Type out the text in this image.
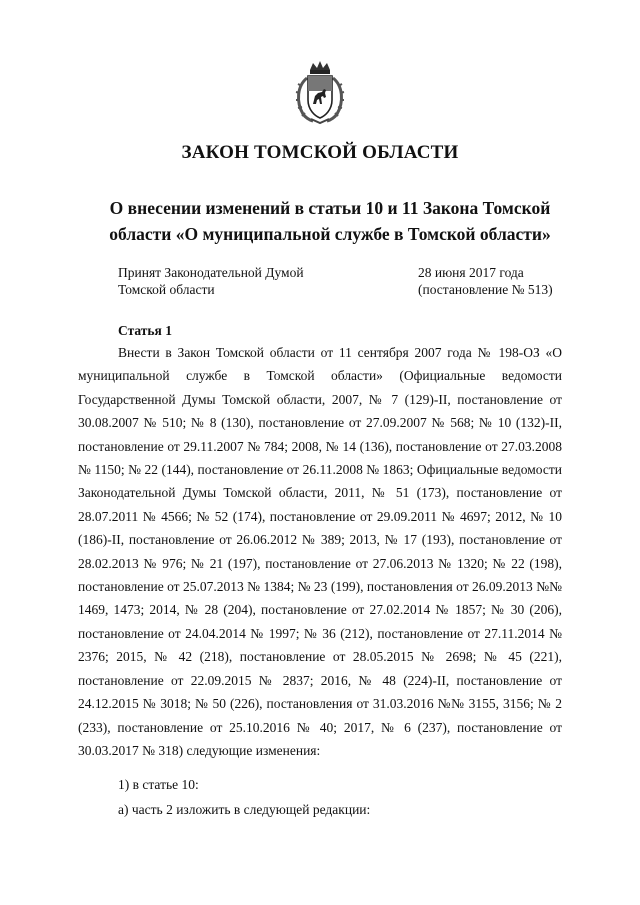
ЗАКОН ТОМСКОЙ ОБЛАСТИ
О внесении изменений в статьи 10 и 11 Закона Томской
области «О муниципальной службе в Томской области»
Принят Законодательной Думой
Томской области
28 июня 2017 года
(постановление № 513)
Статья 1

Внести в Закон Томской области от 11 сентября 2007 года № 198-ОЗ «О муниципальной службе в Томской области» (Официальные ведомости Государственной Думы Томской области, 2007, № 7 (129)-II, постановление от 30.08.2007 № 510; № 8 (130), постановление от 27.09.2007 № 568; № 10 (132)-II, постановление от 29.11.2007 № 784; 2008, № 14 (136), постановление от 27.03.2008 № 1150; № 22 (144), постановление от 26.11.2008 № 1863; Официальные ведомости Законодательной Думы Томской области, 2011, № 51 (173), постановление от 28.07.2011 № 4566; № 52 (174), постановление от 29.09.2011 № 4697; 2012, № 10 (186)-II, постановление от 26.06.2012 № 389; 2013, № 17 (193), постановление от 28.02.2013 № 976; № 21 (197), постановление от 27.06.2013 № 1320; № 22 (198), постановление от 25.07.2013 № 1384; № 23 (199), постановления от 26.09.2013 №№ 1469, 1473; 2014, № 28 (204), постановление от 27.02.2014 № 1857; № 30 (206), постановление от 24.04.2014 № 1997; № 36 (212), постановление от 27.11.2014 № 2376; 2015, № 42 (218), постановление от 28.05.2015 № 2698; № 45 (221), постановление от 22.09.2015 № 2837; 2016, № 48 (224)-II, постановление от 24.12.2015 № 3018; № 50 (226), постановления от 31.03.2016 №№ 3155, 3156; № 2 (233), постановление от 25.10.2016 № 40; 2017, № 6 (237), постановление от 30.03.2017 № 318) следующие изменения:

1) в статье 10:
а) часть 2 изложить в следующей редакции:
